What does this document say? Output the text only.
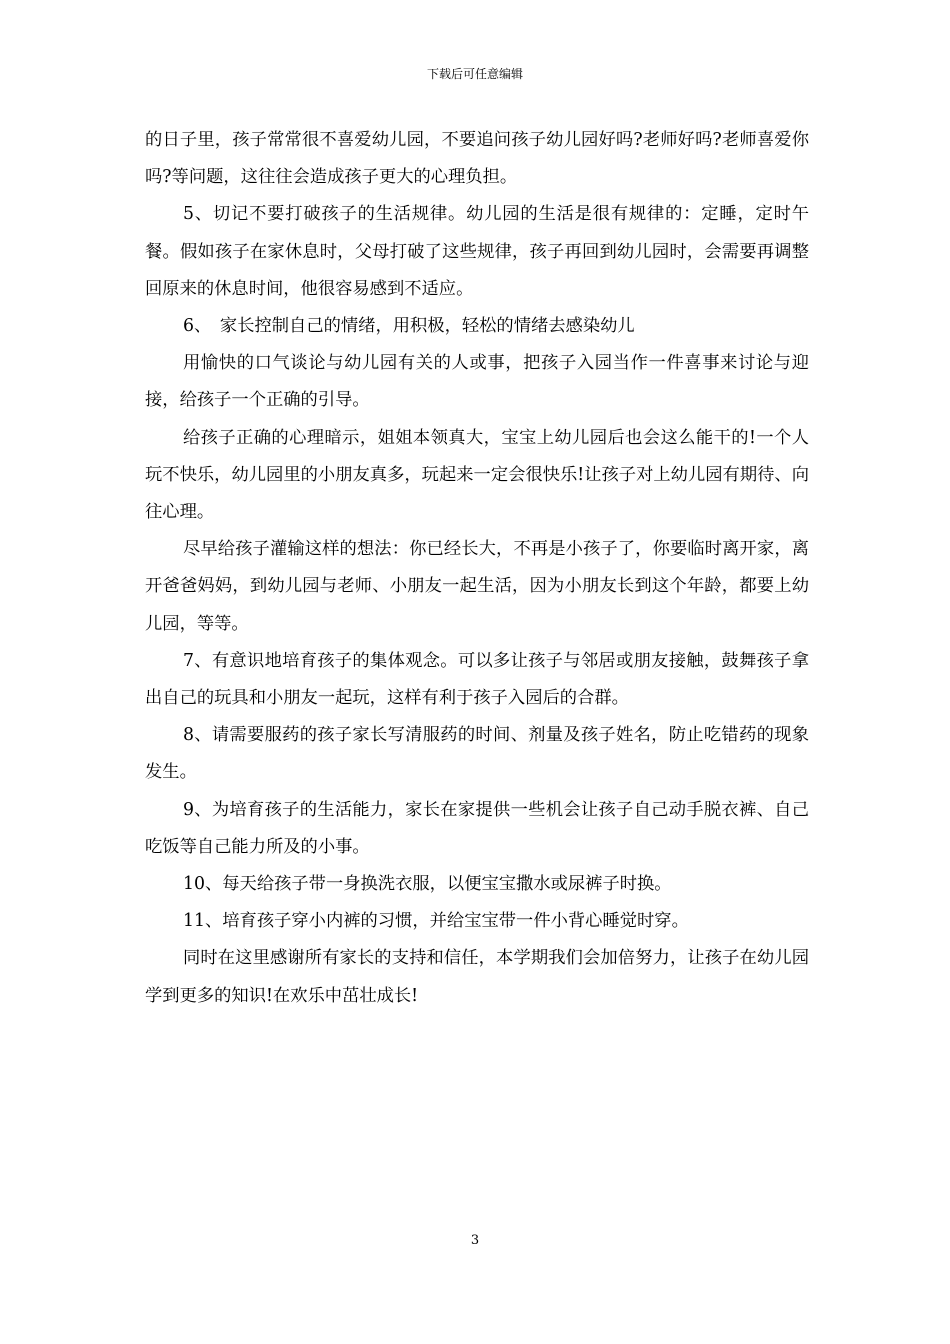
下载后可任意编辑

的日子里，孩子常常很不喜爱幼儿园，不要追问孩子幼儿园好吗?老师好吗?老师喜爱你吗?等问题，这往往会造成孩子更大的心理负担。

5、切记不要打破孩子的生活规律。幼儿园的生活是很有规律的：定睡，定时午餐。假如孩子在家休息时，父母打破了这些规律，孩子再回到幼儿园时，会需要再调整回原来的休息时间，他很容易感到不适应。

6、　家长控制自己的情绪，用积极，轻松的情绪去感染幼儿

用愉快的口气谈论与幼儿园有关的人或事，把孩子入园当作一件喜事来讨论与迎接，给孩子一个正确的引导。

给孩子正确的心理暗示，姐姐本领真大，宝宝上幼儿园后也会这么能干的!一个人玩不快乐，幼儿园里的小朋友真多，玩起来一定会很快乐!让孩子对上幼儿园有期待、向往心理。

尽早给孩子灌输这样的想法：你已经长大，不再是小孩子了，你要临时离开家，离开爸爸妈妈，到幼儿园与老师、小朋友一起生活，因为小朋友长到这个年龄，都要上幼儿园，等等。

7、有意识地培育孩子的集体观念。可以多让孩子与邻居或朋友接触，鼓舞孩子拿出自己的玩具和小朋友一起玩，这样有利于孩子入园后的合群。

8、请需要服药的孩子家长写清服药的时间、剂量及孩子姓名，防止吃错药的现象发生。

9、为培育孩子的生活能力，家长在家提供一些机会让孩子自己动手脱衣裤、自己吃饭等自己能力所及的小事。

10、每天给孩子带一身换洗衣服，以便宝宝撒水或尿裤子时换。

11、培育孩子穿小内裤的习惯，并给宝宝带一件小背心睡觉时穿。

同时在这里感谢所有家长的支持和信任，本学期我们会加倍努力，让孩子在幼儿园学到更多的知识!在欢乐中茁壮成长!

3
